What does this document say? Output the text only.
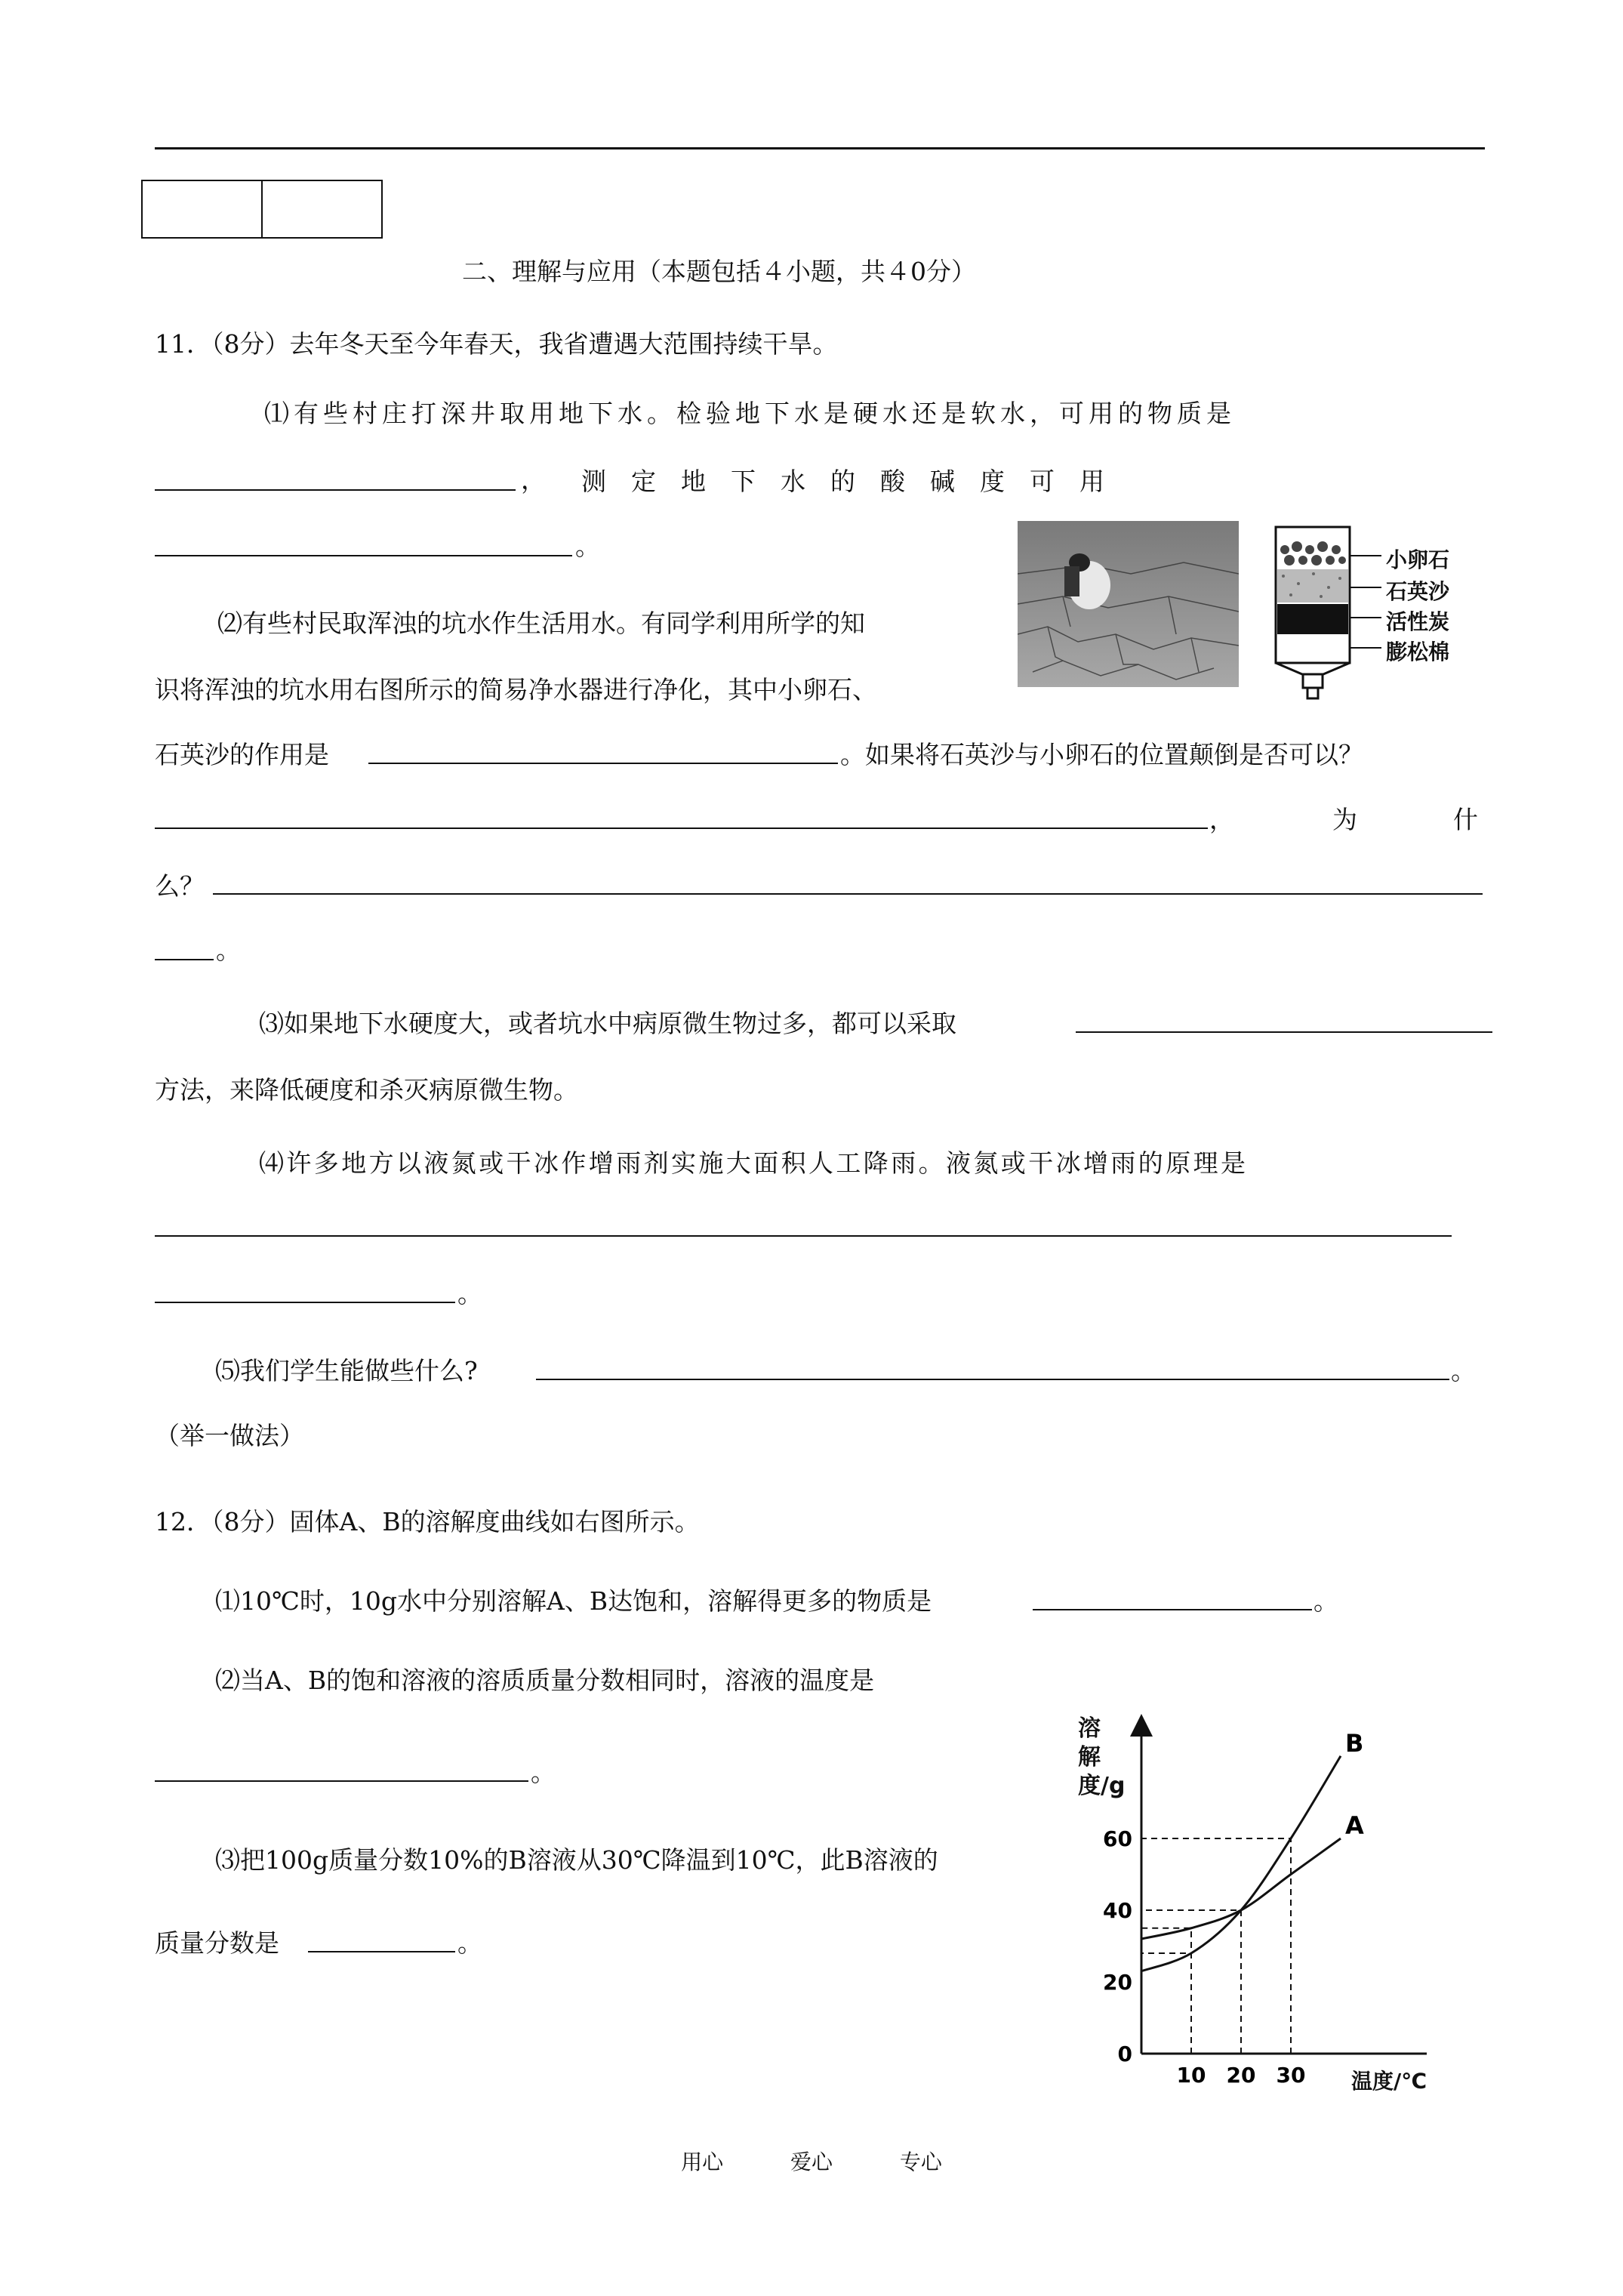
二、理解与应用（本题包括４小题，共４0分）
11．（8分）去年冬天至今年春天，我省遭遇大范围持续干旱。
⑴有些村庄打深井取用地下水。检验地下水是硬水还是软水，可用的物质是
， 测定地下水的酸碱度可用
。	小卵石
石英沙
活性炭
膨松棉
⑵有些村民取浑浊的坑水作生活用水。有同学利用所学的知
识将浑浊的坑水用右图所示的简易净水器进行净化，其中小卵石、
石英沙的作用是	。如果将石英沙与小卵石的位置颠倒是否可以？
，	为	什
么？
。
⑶如果地下水硬度大，或者坑水中病原微生物过多，都可以采取
方法，来降低硬度和杀灭病原微生物。
⑷许多地方以液氮或干冰作增雨剂实施大面积人工降雨。液氮或干冰增雨的原理是
。
⑸我们学生能做些什么?	。
（举一做法）
12．（8分）固体A、B的溶解度曲线如右图所示。
⑴10℃时，10g水中分别溶解A、B达饱和，溶解得更多的物质是	。
⑵当A、B的饱和溶液的溶质质量分数相同时，溶液的温度是
。
⑶把100g质量分数10%的B溶液从30℃降温到10℃，此B溶液的
质量分数是	。
A
B
0
20
40
60
10 20 30
溶解度/g
温度/℃
用心	爱心	专心
